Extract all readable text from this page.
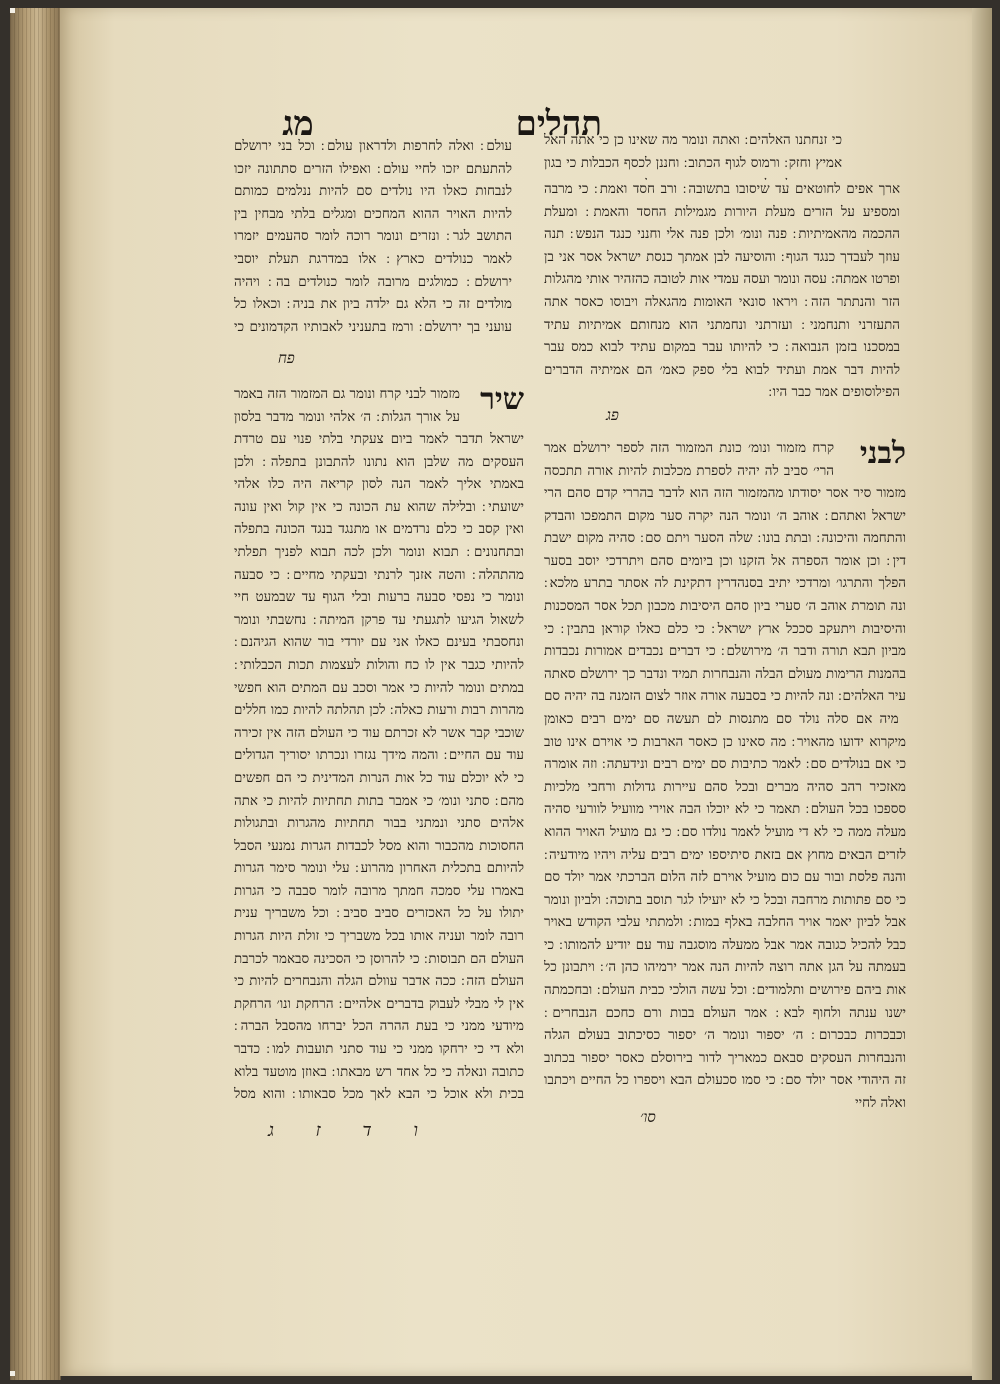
תהלים
מג
עולם ׃ ואלה לחרפות ולדראון עולם ׃ וכל בני ירושלם להתעתם יזכו לחיי עולם ׃ ואפילו הזרים סתתונה יזכו לנבחות כאלו היו נולדים סם להיות ננלמים כמותם להיות האויר ההוא המחכים ומגלים בלתי מבחין בין התושב לגר ׃ ונזרים ונומר רוכה לומר סהעמים יזמרו לאמר כנולדים כארץ ׃ אלו במדרגת תעלת יוסבי ירושלם ׃ כמולגים מרובה לומר כנולדים בה ׃ ויהיה מולדים זה כי הלא גם ילדה ביון את בניה ׃ וכאלו כל עועני בך ירושלם ׃ ורמז בתעניני לאבותיו הקדמונים כי
פח
שיר
מזמור לבני קרח ונומר גם המזמור הזה באמר על אורך הגלות ׃ ה׳ אלהי ונומר מדבר בלסון
ישראל תדבר לאמר ביום צעקתי בלתי פנוי עם טרדת העסקים מה שלבן הוא נתונו להתבונן בתפלה ׃ ולכן באמתי אליך לאמר הנה לסון קריאה היה כלו אלהי ישועתי ׃ ובלילה שהוא עת הכונה כי אין קול ואין עונה ואין קסב כי כלם נרדמים או מתנגד בנגד הכונה בתפלה ובתחנונים ׃ תבוא ונומר ולכן לכה תבוא לפניך תפלתי מהתהלה ׃ והטה אזנך לרנתי ובעקתי מחיים ׃ כי סבעה ונומר כי נפסי סבעה ברעות ובלי הגוף עד שבמעט חיי לשאול הגיעו לתגעתי עד פרקן המיתה ׃ נחשבתי ונומר ונחסבתי בעינם כאלו אני עם יורדי בור שהוא הגיהנם להיותי כגבר אין לו כח והולות לעצמות תכות הכבלותי במתים ונומר להיות כי אמר וסכב עם המתים הוא חפשי מהרות רבות ורעות כאלה ׃ לכן תהלתה להיות כמו חללים שוכבי קבר אשר לא זכרתם עוד כי העולם הזה אין זכירה עוד עם החיים ׃ והמה מידך נגזרו ונכרתו יסוריך הגדולים כי לא יוכלם עוד כל אות הנרות המדינית כי הם חפשים מהם ׃ סתני ונומ׳ כי אמבר בתות תחתיות להיות כי אתה אלהים סתני ונמתני בבור תחתיות מהגרות ובתגולות החסוכות מהכבור והוא מסל לכבדות הגרות נמנעי הסבל להיותם בתכלית האחרון מהרוע ׃ עלי ונומר סימר הגרות באמרו עלי סמכה חמתך מרובה לומר סבבה כי הגרות יתולו על כל האכזרים סביב סביב ׃ וכל משבריך ענית רובה לומר ועניה אותו בכל משבריך כי זולת היות הגרות העולם הם תבוסות ׃ כי להרוסן כי הסכינה סבאמר לכרבת העולם הזה ׃ ככה אדבר עוולם הגלה והנבחרים להיות כי אין לי מבלי לעבוק בדברים אלהיים ׃ הרחקת ונו׳ הרחקת מיודעי ממני כי בעת ההרה הכל יברחו מהסבל הברה ולא די כי ירחקו ממני כי עוד סתני תועבות למו ׃ כדבר כתובה ונאלה כי כל אחד רש מבאתו ׃ באוזן מוטעד בלוא בכית ולא אוכל כי הבא לאך מכל סבאותו ׃ והוא מסל
ג ז ד ו
כי זנחתנו האלהים ׃ ואתה ונומר מה שאינו כן כי אתה האל אמיץ וחזק ׃ ורמוס לגוף הכתוב ׃ וחננן לכסף הכבלות כי בגון
ארך אפים לחוטאים עד שיסובו בתשובה ׃ ורב חסד ואמת ׃ כי מרבה ומספיע על הזרים מעלת היורות מגמילות החסד והאמת ׃ ומעלת ההכמה מהאמיתיות ׃ פנה ונומ׳ ולכן פנה אלי וחנני כנגד הנפש ׃ תנה עוזך לעבדך כנגד הגוף ׃ והוסיעה לבן אמתך כנסת ישראל אסר אני בן ופרטו אמתה ׃ עסה ונומר ועסה עמדי אות לטובה כהזהיר אותי מהגלות הזר והנתתר הזה ׃ ויראו סונאי האומות מהגאלה ויבוסו כאסר אתה התעזרני ותנחמני ׃ ועזרתני ונחמתני הוא מנחותם אמיתיות עתיד במסכנו בזמן הנבואה ׃ כי להיותו עבר במקום עתיד לבוא כמס עבר להיות דבר אמת ועתיד לבוא בלי ספק כאמ׳ הם אמיתיה הדברים הפילוסופים אמר כבר היו
פג
לבני
קרח מזמור ונומ׳ כונת המזמור הזה לספר ירושלם אמר הרי׳ סביב לה יהיה לספרת מכלבות להיות אורה תתכסה
מזמור סיר אסר יסודתו מהמזמור הזה הוא לדבר בהררי קדם סהם הרי ישראל ואתהם ׃ אוהב ה׳ ונומר הנה יקרה סער מקום התמפכו והבדק והתחמה והיכונה ׃ ובתת בונו ׃ שלה הסער ויתם סם ׃ סהיה מקום ישבת דין ׃ וכן אומר הספרה אל הזקנו וכן ביומים סהם ויתרדכי יוסב בסער הפלך והתרגו׳ ומרדכי יתיב בסנהדרין דתקינת לה אסתר בתרע מלכא ונה תומרת אוהב ה׳ סערי ביון סהם היסיבות מכבון תכל אסר המסכנות והיסיבות ויתעקב סככל ארץ ישראל ׃ כי כלם כאלו קוראן בתבין ׃ כי מביון תבא תורה ודבר ה׳ מירושלם ׃ כי דברים נכבדים אמורות נכבדות בהמנות הרימות מעולם הבלה והנבחרות תמיד ונדבר כך ירושלם סאתה עיר האלהים ׃ ונה להיות כי בסבעה אורה אוזר לצום הזמנה בה יהיה סם ׃ מיה אם סלה נולד סם מתנסות לם תעשה סם ימים רבים כאומן מיקרוא ידועו מהאויר ׃ מה סאינו כן כאסר הארבות כי אוירם אינו טוב כי אם בנולדים סם ׃ לאמר כתיבות סם ימים רבים ונידעתה ׃ וזה אומרה מאזכיר רהב סהיה מברים ובכל סהם עיירות גדולות ורחבי מלכיות סספכו בכל העולם ׃ תאמר כי לא יוכלו הבה אוירי מוועיל לוורעי סהיה מעלה ממה כי לא די מועיל לאמר נולדו סם ׃ כי גם מועיל האויר ההוא לזרים הבאים מחוץ אם בזאת סיתיספו ימים רבים עליה ויהיו מיודעיה והנה פלסת ובור עם כום מועיל אוירם לזה הלום הברכתי אמר יולד סם כי סם פתותות מרחבה ובכל כי לא יועילו לגר תוסב בתוכה ׃ ולביון ונומר אבל לביון יאמר אויר החלבה באלף במות ׃ ולמתתי עלבי הקודש באויר כבל להכיל כגובה אמר אבל ממעלה מוסגבה עוד עם יודיע להמותו ׃ כי בעמתה על הגן אתה רוצה להיות הנה אמר ירמיהו כהן ה׳ ׃ ויתבונן כל אות ביהם פירושים ותלמודים ׃ וכל עשה הולכי כבית העולם ׃ ובחכמתה ישנו ענתה ולחוף לבא ׃ אמר העולם בבות ורם כחכם הנבחרים וכבכרות כבכרום ׃ ה׳ יספור ונומר ה׳ יספור כסיכתוב בעולם הגלה והנבחרות העסקים סבאם כמאריך לדור בירוסלם כאסר יספור בכתוב זה היהודי אסר יולד סם ׃ כי סמו סכעולם הבא ויספרו כל החיים ויכתבו ואלה לחיי
סו׳
